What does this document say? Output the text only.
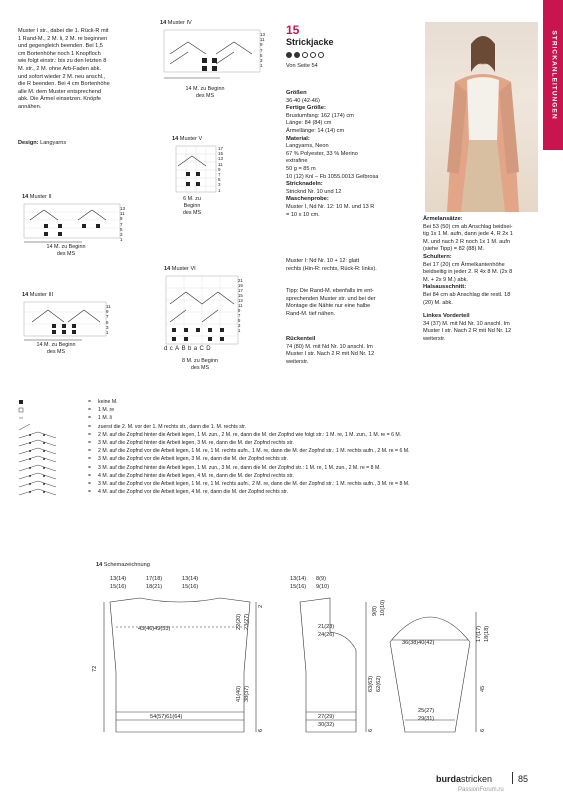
STRICKANLEITUNGEN
Muster I str., dabei die 1. Rück-R mit
1 Rand-M., 2 M. li, 2 M. re beginnen
und gegengleich beenden. Bei 1,5
cm Bortenhöhe noch 1 Knopfloch
wie folgt einstr.: bis zu den letzten 8
M. str., 2 M. ohne Arb-Faden abk.
und sofort wieder 2 M. neu anschl.,
die R beenden. Bei 4 cm Bortenhöhe
alle M. dem Muster entsprechend
abk. Die Ärmel einsetzen. Knöpfe
annähen.
Design: Langyarns
14 Muster IV
13
11
9
7
5
3
1
14 M. zu Beginn
des MS
14 Muster V
17
15
13
11
9
7
5
3
1
6 M. zu
Beginn
des MS
14 Muster II
13
11
9
7
5
3
1
14 M. zu Beginn
des MS
14 Muster III
11
9
7
5
3
1
14 M. zu Beginn
des MS
14 Muster VI
21
19
17
15
13
11
9
7
5
3
1
dcABbaCD
8 M. zu Beginn
des MS
15
Strickjacke
Von Seite 54
Größen
36-40 (42-46)
Fertige Größe:
Brustumfang: 162 (174) cm
Länge: 84 (84) cm
Ärmellänge: 14 (14) cm
Material:
Langyarns, Neon
67 % Polyester, 33 % Merino
extrafine
50 g = 85 m
10 (12) Knl – Fb 1055.0013 Gelbrosa
Stricknadeln:
Stricknd Nr. 10 und 12
Maschenprobe:
Muster I, Nd Nr. 12: 10 M. und 13 R
= 10 x 10 cm.
Muster I: Nd Nr. 10 + 12: glatt
rechts (Hin-R: rechts, Rück-R: links).
Tipp: Die Rand-M. ebenfalls im ent-
sprechenden Muster str. und bei der
Montage die Nähte nur eine halbe
Rand-M. tief nähen.
Rückenteil
74 (80) M. mit Nd Nr. 10 anschl. Im
Muster I str. Nach 2 R mit Nd Nr. 12
weiterstr.
Ärmelansätze:
Bei 53 (50) cm ab Anschlag beidsei-
tig 1x 1 M. aufn, dann jede 4. R 2x 1
M. und nach 2 R noch 1x 1 M. aufn
(siehe Tipp) = 82 (88) M.
Schultern:
Bei 17 (20) cm Ärmelkantenhöhe
beidseitig in jeder 2. R 4x 8 M. (2x 8
M. + 2x 9 M.) abk.
Halsausschnitt:
Bei 84 cm ab Anschlag die restl. 18
(20) M. abk.
Linkes Vorderteil
34 (37) M. mit Nd Nr. 10 anschl. Im
Muster I str. Nach 2 R mit Nd Nr. 12
weiterstr.
= keine M.
= 1 M. re
= 1 M. li
= zuerst die 2. M. vor der 1. M rechts str., dann die 1. M. rechts str.
= 2 M. auf die Zopfnd hinter die Arbeit legen, 1 M. zun., 2 M. re, dann die M. der Zopfnd wie folgt str.: 1 M. re, 1 M. zun., 1 M. re = 6 M.
= 3 M. auf die Zopfnd hinter die Arbeit legen, 3 M. re, dann die M. der Zopfnd rechts str.
= 2 M. auf die Zopfnd vor die Arbeit legen, 1 M. re, 1 M. rechts aufn., 1 M. re, dann die M. der Zopfnd str.: 1 M. rechts aufn., 2 M. re = 6 M.
= 3 M. auf die Zopfnd vor die Arbeit legen, 3 M. re, dann die M. der Zopfnd rechts str.
= 3 M. auf die Zopfnd hinter die Arbeit legen, 1 M. zun., 3 M. re, dann die M. der Zopfnd str.: 1 M. re, 1 M. zun., 2 M. re = 8 M.
= 4 M. auf die Zopfnd hinter die Arbeit legen, 4 M. re, dann die M. der Zopfnd rechts str.
= 3 M. auf die Zopfnd vor die Arbeit legen, 1 M. re, 1 M. rechts aufn., 2 M. re, dann die M. der Zopfnd str.: 1 M. rechts aufn., 3 M. re = 8 M.
= 4 M. auf die Zopfnd vor die Arbeit legen, 4 M. re, dann die M. der Zopfnd rechts str.
14 Schemazeichnung
13(14)
15(16)
17(18)
18(21)
13(14)
15(16)
43(46)49(53)
54(57)61(64)
72
22(20) 23(27)
41(40) 38(37)
6
2
13(14)
15(16)
8(9)
9(10)
21(23)
24(26)
27(29)
30(32)
9(8) 10(10)
63(63) 62(62)
6
36(38)40(42)
25(27)
29(31)
17(17) 18(18)
45
6
burdastricken	85
PassionForum.ru
